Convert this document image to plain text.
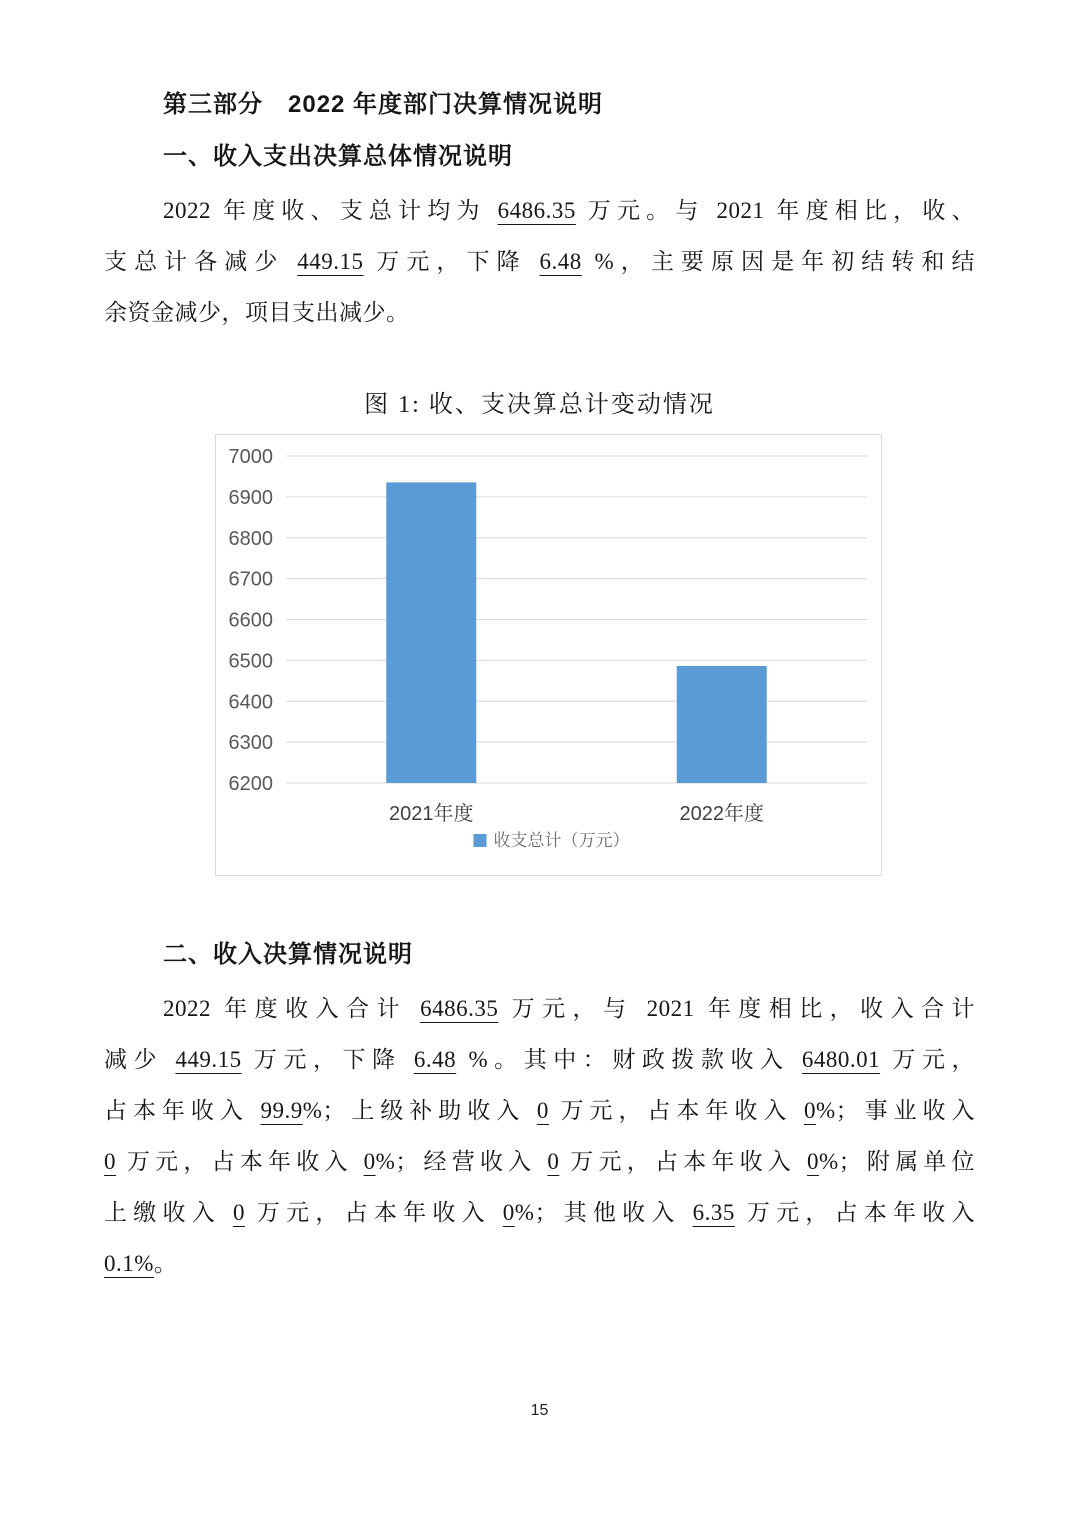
第三部分　2022 年度部门决算情况说明
一、收入支出决算总体情况说明
2022 年度收、支总计均为 6486.35 万元。与 2021 年度相比，收、
支总计各减少 449.15 万元，下降 6.48 %，主要原因是年初结转和结
余资金减少，项目支出减少。
图 1: 收、支决算总计变动情况
6200
6300
6400
6500
6600
6700
6800
6900
7000
2021年度	2022年度
收支总计（万元）
二、收入决算情况说明
2022 年度收入合计 6486.35 万元，与 2021 年度相比，收入合计
减少 449.15 万元，下降 6.48 %。其中：财政拨款收入 6480.01 万元，
占本年收入 99.9%；上级补助收入 0 万元，占本年收入 0%；事业收入
0 万元，占本年收入 0%；经营收入 0 万元，占本年收入 0%；附属单位
上缴收入 0 万元，占本年收入 0%；其他收入 6.35 万元，占本年收入
0.1%。
15
